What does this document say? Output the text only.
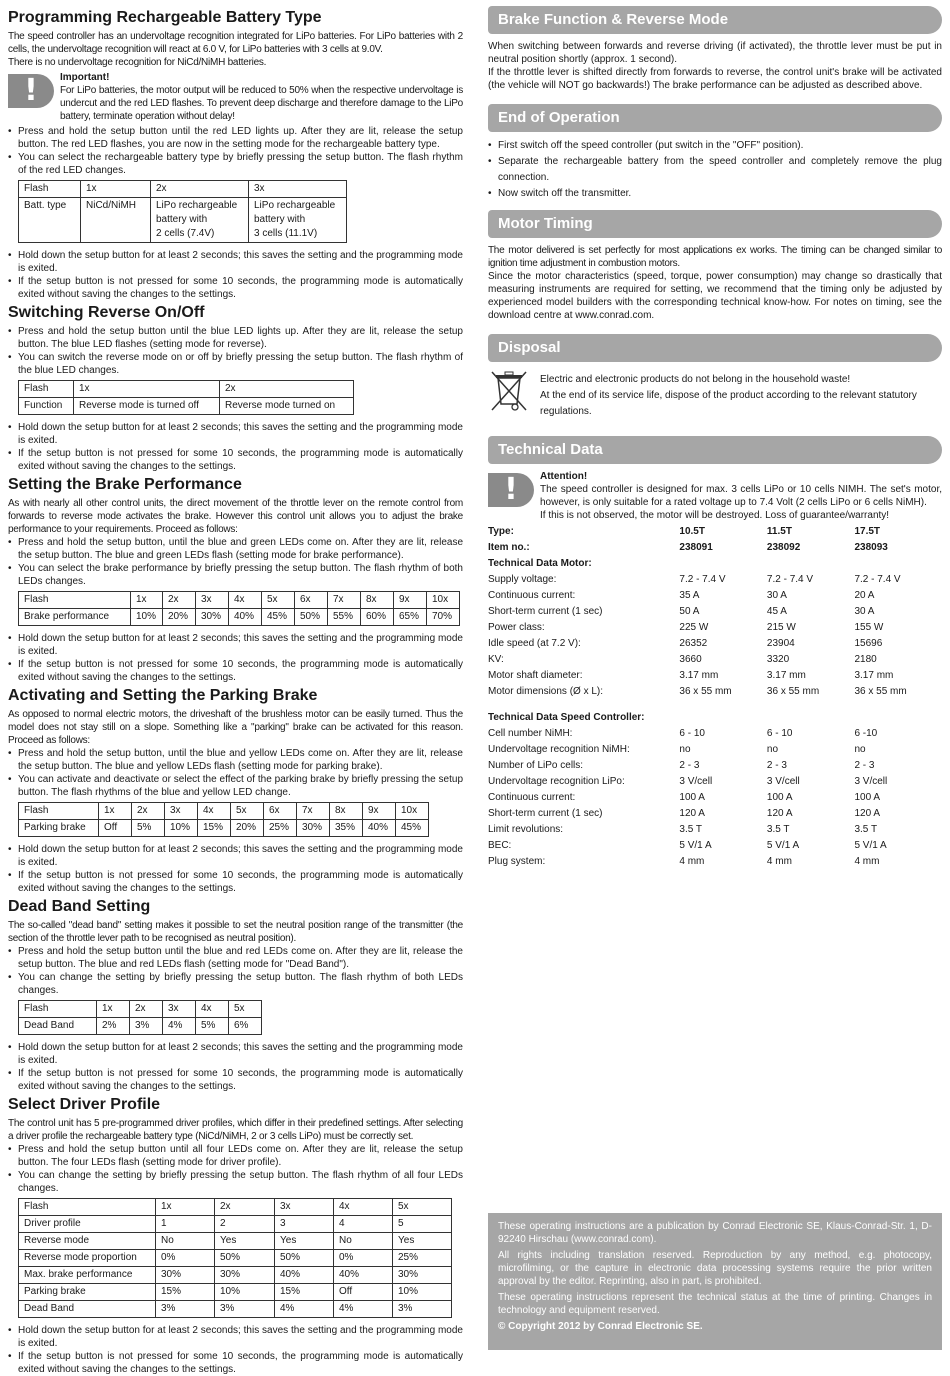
Programming Rechargeable Battery Type

The speed controller has an undervoltage recognition integrated for LiPo batteries. For LiPo batteries with 2 cells, the undervoltage recognition will react at 6.0 V, for LiPo batteries with 3 cells at 9.0V.

There is no undervoltage recognition for NiCd/NiMH batteries.

!	Important!

For LiPo batteries, the motor output will be reduced to 50% when the respective undervoltage is undercut and the red LED flashes. To prevent deep discharge and therefore damage to the LiPo battery, terminate operation without delay!

• Press and hold the setup button until the red LED lights up. After they are lit, release the setup button. The red LED flashes, you are now in the setting mode for the rechargeable battery type.
• You can select the rechargeable battery type by briefly pressing the setup button. The flash rhythm of the red LED changes.
Flash	1x	2x	3x
Batt. type	NiCd/NiMH	LiPo rechargeable
battery with
2 cells (7.4V)	LiPo rechargeable
battery with
3 cells (11.1V)
• Hold down the setup button for at least 2 seconds; this saves the setting and the programming mode is exited.
• If the setup button is not pressed for some 10 seconds, the programming mode is automatically exited without saving the changes to the settings.
Switching Reverse On/Off
• Press and hold the setup button until the blue LED lights up. After they are lit, release the setup button. The blue LED flashes (setting mode for reverse).
• You can switch the reverse mode on or off by briefly pressing the setup button. The flash rhythm of the blue LED changes.
Flash	1x	2x
Function	Reverse mode is turned off	Reverse mode turned on
• Hold down the setup button for at least 2 seconds; this saves the setting and the programming mode is exited.
• If the setup button is not pressed for some 10 seconds, the programming mode is automatically exited without saving the changes to the settings.
Setting the Brake Performance

As with nearly all other control units, the direct movement of the throttle lever on the remote control from forwards to reverse mode activates the brake. However this control unit allows you to adjust the brake performance to your requirements. Proceed as follows:

• Press and hold the setup button, until the blue and green LEDs come on. After they are lit, release the setup button. The blue and green LEDs flash (setting mode for brake performance).
• You can select the brake performance by briefly pressing the setup button. The flash rhythm of both LEDs changes.
Flash	1x	2x	3x	4x	5x	6x	7x	8x	9x	10x
Brake performance	10%	20%	30%	40%	45%	50%	55%	60%	65%	70%
• Hold down the setup button for at least 2 seconds; this saves the setting and the programming mode is exited.
• If the setup button is not pressed for some 10 seconds, the programming mode is automatically exited without saving the changes to the settings.
Activating and Setting the Parking Brake

As opposed to normal electric motors, the driveshaft of the brushless motor can be easily turned. Thus the model does not stay still on a slope. Something like a "parking" brake can be activated for this reason. Proceed as follows:

• Press and hold the setup button, until the blue and yellow LEDs come on. After they are lit, release the setup button. The blue and yellow LEDs flash (setting mode for parking brake).
• You can activate and deactivate or select the effect of the parking brake by briefly pressing the setup button. The flash rhythms of the blue and yellow LED change.
Flash	1x	2x	3x	4x	5x	6x	7x	8x	9x	10x
Parking brake	Off	5%	10%	15%	20%	25%	30%	35%	40%	45%
• Hold down the setup button for at least 2 seconds; this saves the setting and the programming mode is exited.
• If the setup button is not pressed for some 10 seconds, the programming mode is automatically exited without saving the changes to the settings.
Dead Band Setting

The so-called "dead band" setting makes it possible to set the neutral position range of the transmitter (the section of the throttle lever path to be recognised as neutral position).

• Press and hold the setup button until the blue and red LEDs come on. After they are lit, release the setup button. The blue and red LEDs flash (setting mode for "Dead Band").
• You can change the setting by briefly pressing the setup button. The flash rhythm of both LEDs changes.
Flash	1x	2x	3x	4x	5x
Dead Band	2%	3%	4%	5%	6%
• Hold down the setup button for at least 2 seconds; this saves the setting and the programming mode is exited.
• If the setup button is not pressed for some 10 seconds, the programming mode is automatically exited without saving the changes to the settings.
Select Driver Profile

The control unit has 5 pre-programmed driver profiles, which differ in their predefined settings. After selecting a driver profile the rechargeable battery type (NiCd/NiMH, 2 or 3 cells LiPo) must be correctly set.

• Press and hold the setup button until all four LEDs come on. After they are lit, release the setup button. The four LEDs flash (setting mode for driver profile).
• You can change the setting by briefly pressing the setup button. The flash rhythm of all four LEDs changes.
Flash	1x	2x	3x	4x	5x
Driver profile	1	2	3	4	5
Reverse mode	No	Yes	Yes	No	Yes
Reverse mode proportion	0%	50%	50%	0%	25%
Max. brake performance	30%	30%	40%	40%	30%
Parking brake	15%	10%	15%	Off	10%
Dead Band	3%	3%	4%	4%	3%
• Hold down the setup button for at least 2 seconds; this saves the setting and the programming mode is exited.
• If the setup button is not pressed for some 10 seconds, the programming mode is automatically exited without saving the changes to the settings.
Brake Function & Reverse Mode

When switching between forwards and reverse driving (if activated), the throttle lever must be put in neutral position shortly (approx. 1 second).

If the throttle lever is shifted directly from forwards to reverse, the control unit's brake will be activated (the vehicle will NOT go backwards!) The brake performance can be adjusted as described above.

End of Operation
• First switch off the speed controller (put switch in the "OFF" position).
• Separate the rechargeable battery from the speed controller and completely remove the plug connection.
• Now switch off the transmitter.
Motor Timing

The motor delivered is set perfectly for most applications ex works. The timing can be changed similar to ignition time adjustment in combustion motors.

Since the motor characteristics (speed, torque, power consumption) may change so drastically that measuring instruments are required for setting, we recommend that the timing only be adjusted by experienced model builders with the corresponding technical know-how. For notes on timing, see the download centre at www.conrad.com.

Disposal
Electric and electronic products do not belong in the household waste!
At the end of its service life, dispose of the product according to the relevant statutory regulations.
Technical Data
!	Attention!

The speed controller is designed for max. 3 cells LiPo or 10 cells NIMH. The set's motor, however, is only suitable for a rated voltage up to 7.4 Volt (2 cells LiPo or 6 cells NiMH).

If this is not observed, the motor will be destroyed. Loss of guarantee/warranty!

Type:	10.5T	11.5T	17.5T
Item no.:	238091	238092	238093
Technical Data Motor:			
Supply voltage:	7.2 - 7.4 V	7.2 - 7.4 V	7.2 - 7.4 V
Continuous current:	35 A	30 A	20 A
Short-term current (1 sec)	50 A	45 A	30 A
Power class:	225 W	215 W	155 W
Idle speed (at 7.2 V):	26352	23904	15696
KV:	3660	3320	2180
Motor shaft diameter:	3.17 mm	3.17 mm	3.17 mm
Motor dimensions (Ø x L):	36 x 55 mm	36 x 55 mm	36 x 55 mm
Technical Data Speed Controller:			
Cell number NiMH:	6 - 10	6 - 10	6 -10
Undervoltage recognition NiMH:	no	no	no
Number of LiPo cells:	2 - 3	2 - 3	2 - 3
Undervoltage recognition LiPo:	3 V/cell	3 V/cell	3 V/cell
Continuous current:	100 A	100 A	100 A
Short-term current (1 sec)	120 A	120 A	120 A
Limit revolutions:	3.5 T	3.5 T	3.5 T
BEC:	5 V/1 A	5 V/1 A	5 V/1 A
Plug system:	4 mm	4 mm	4 mm

These operating instructions are a publication by Conrad Electronic SE, Klaus-Conrad-Str. 1, D-92240 Hirschau (www.conrad.com).

All rights including translation reserved. Reproduction by any method, e.g. photocopy, microfilming, or the capture in electronic data processing systems require the prior written approval by the editor. Reprinting, also in part, is prohibited.

These operating instructions represent the technical status at the time of printing. Changes in technology and equipment reserved.

© Copyright 2012 by Conrad Electronic SE.
